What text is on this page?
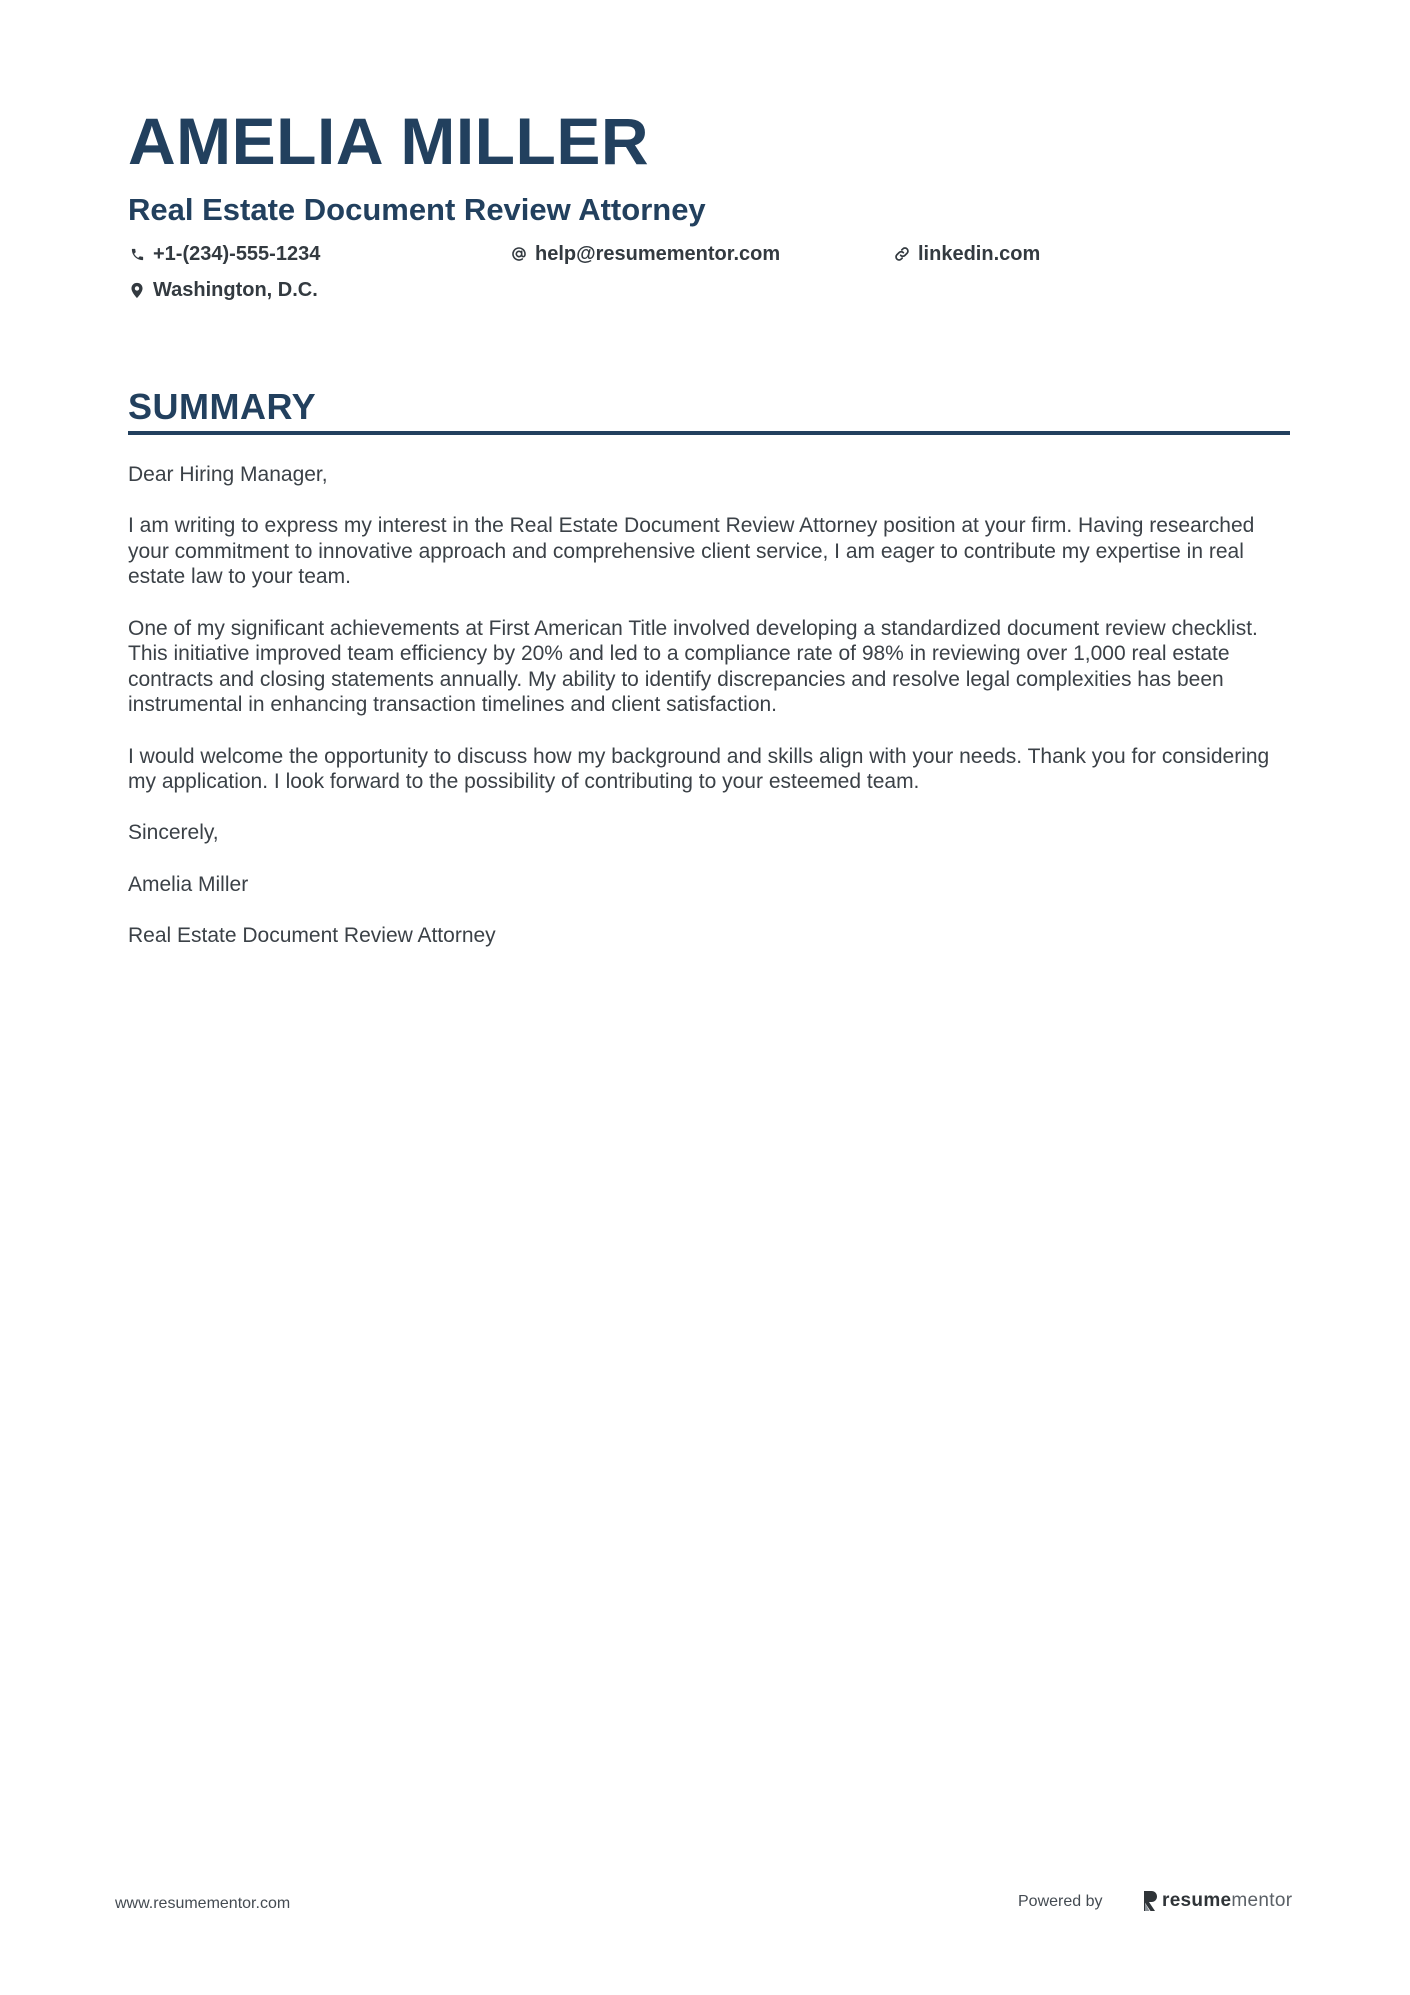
AMELIA MILLER
Real Estate Document Review Attorney
+1-(234)-555-1234	help@resumementor.com	linkedin.com
Washington, D.C.
SUMMARY

Dear Hiring Manager,

I am writing to express my interest in the Real Estate Document Review Attorney position at your firm. Having researched your commitment to innovative approach and comprehensive client service, I am eager to contribute my expertise in real estate law to your team.

One of my significant achievements at First American Title involved developing a standardized document review checklist. This initiative improved team efficiency by 20% and led to a compliance rate of 98% in reviewing over 1,000 real estate contracts and closing statements annually. My ability to identify discrepancies and resolve legal complexities has been instrumental in enhancing transaction timelines and client satisfaction.

I would welcome the opportunity to discuss how my background and skills align with your needs. Thank you for considering my application. I look forward to the possibility of contributing to your esteemed team.

Sincerely,

Amelia Miller

Real Estate Document Review Attorney

www.resumementor.com	Powered by	resumementor
